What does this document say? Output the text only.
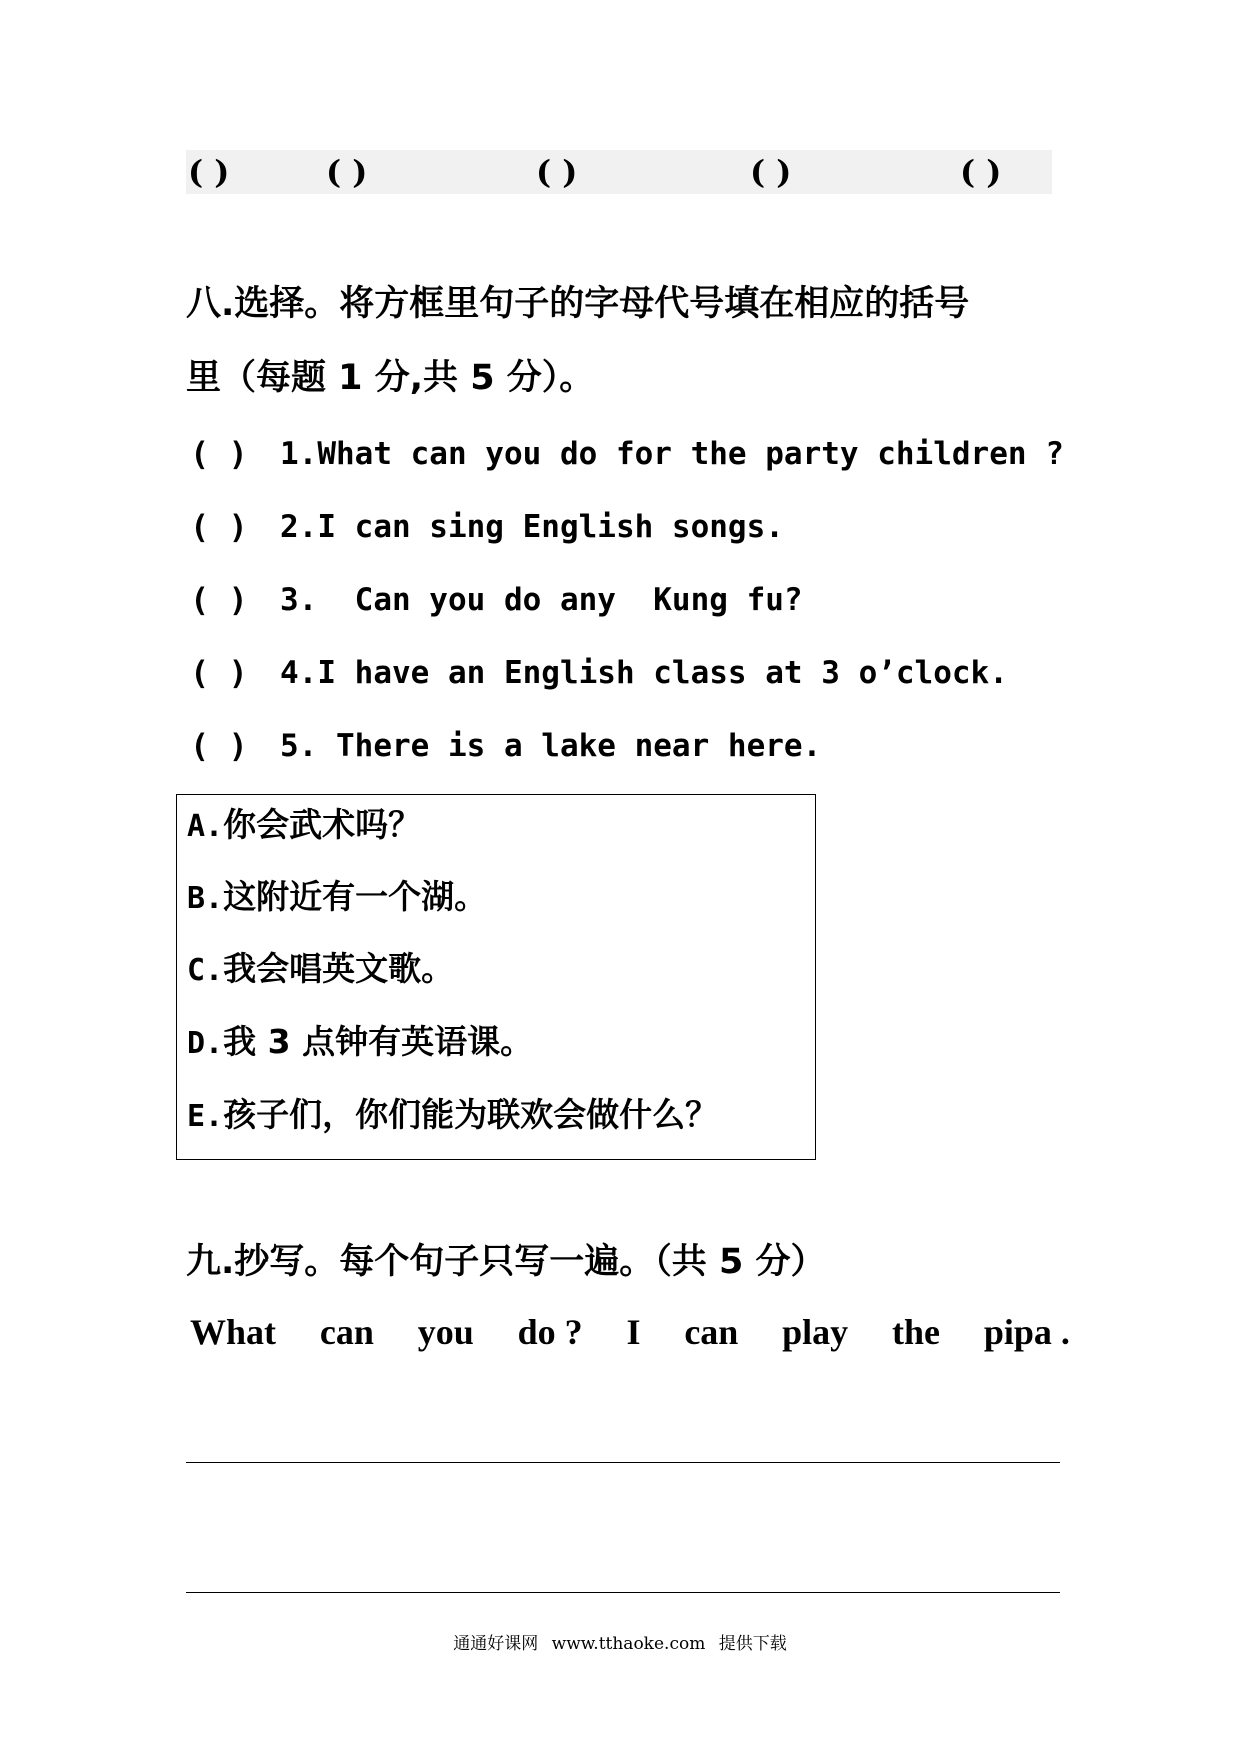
( )	( )	( )	( )	( )
八.选择。将方框里句子的字母代号填在相应的括号
里（每题 1 分,共 5 分）。
( ) 1.What can you do for the party children ?
( ) 2.I can sing English songs.
( ) 3.  Can you do any  Kung fu?
( ) 4.I have an English class at 3 o’clock.
( ) 5. There is a lake near here.
A.你会武术吗？
B.这附近有一个湖。
C.我会唱英文歌。
D.我 3 点钟有英语课。
E.孩子们，你们能为联欢会做什么？
九.抄写。每个句子只写一遍。（共 5 分）
What can you do ? I can play the pipa .
通通好课网 www.tthaoke.com 提供下载
